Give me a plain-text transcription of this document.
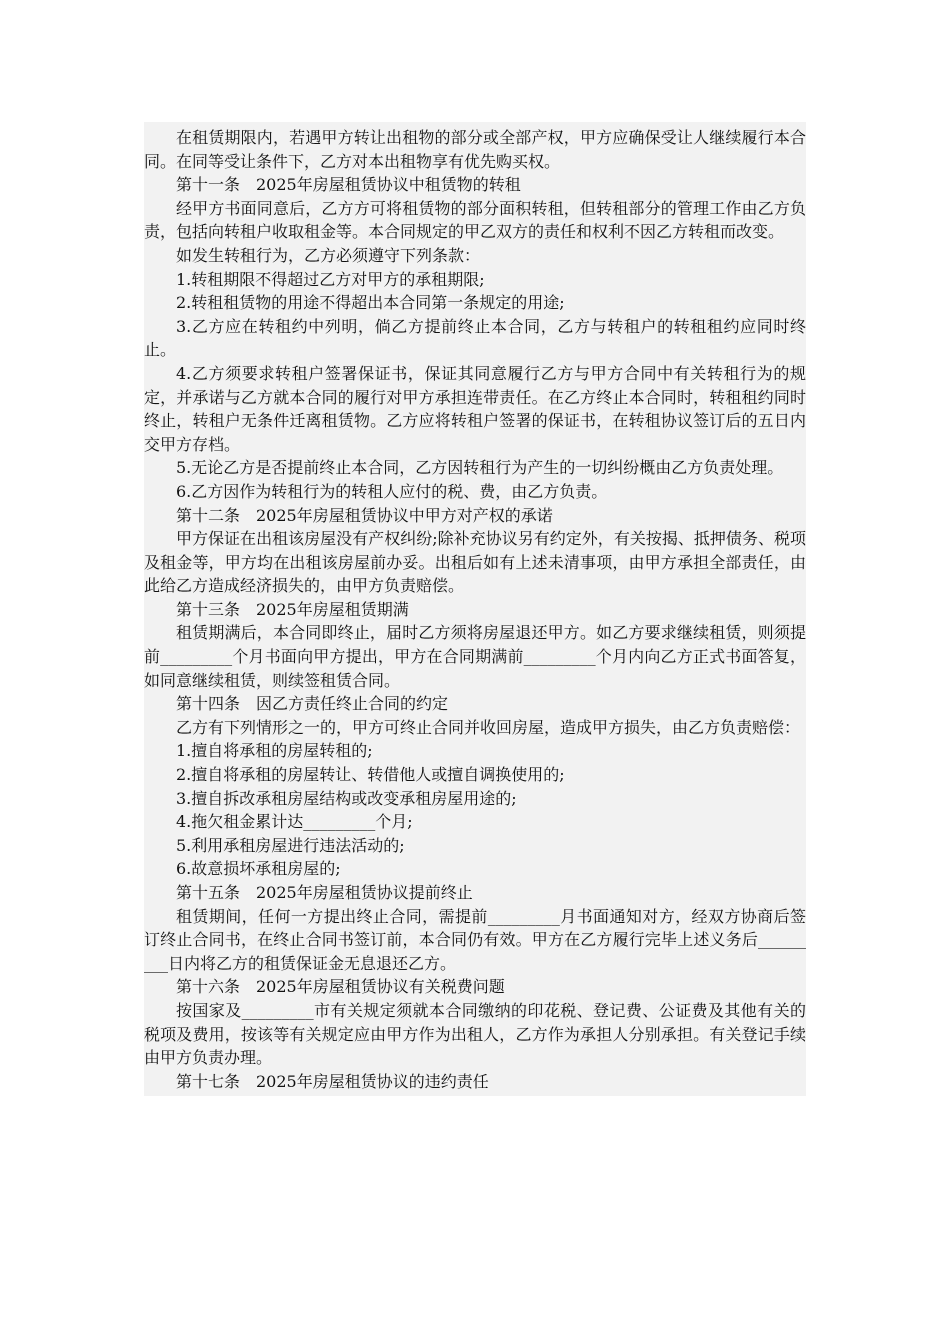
在租赁期限内，若遇甲方转让出租物的部分或全部产权，甲方应确保受让人继续履行本合同。在同等受让条件下，乙方对本出租物享有优先购买权。

第十一条　2025年房屋租赁协议中租赁物的转租

经甲方书面同意后，乙方方可将租赁物的部分面积转租，但转租部分的管理工作由乙方负责，包括向转租户收取租金等。本合同规定的甲乙双方的责任和权利不因乙方转租而改变。

如发生转租行为，乙方必须遵守下列条款：

1.转租期限不得超过乙方对甲方的承租期限;

2.转租租赁物的用途不得超出本合同第一条规定的用途;

3.乙方应在转租约中列明，倘乙方提前终止本合同，乙方与转租户的转租租约应同时终止。

4.乙方须要求转租户签署保证书，保证其同意履行乙方与甲方合同中有关转租行为的规定，并承诺与乙方就本合同的履行对甲方承担连带责任。在乙方终止本合同时，转租租约同时终止，转租户无条件迁离租赁物。乙方应将转租户签署的保证书，在转租协议签订后的五日内交甲方存档。

5.无论乙方是否提前终止本合同，乙方因转租行为产生的一切纠纷概由乙方负责处理。

6.乙方因作为转租行为的转租人应付的税、费，由乙方负责。

第十二条　2025年房屋租赁协议中甲方对产权的承诺

甲方保证在出租该房屋没有产权纠纷;除补充协议另有约定外，有关按揭、抵押债务、税项及租金等，甲方均在出租该房屋前办妥。出租后如有上述未清事项，由甲方承担全部责任，由此给乙方造成经济损失的，由甲方负责赔偿。

第十三条　2025年房屋租赁期满

租赁期满后，本合同即终止，届时乙方须将房屋退还甲方。如乙方要求继续租赁，则须提前_________个月书面向甲方提出，甲方在合同期满前_________个月内向乙方正式书面答复，如同意继续租赁，则续签租赁合同。

第十四条　因乙方责任终止合同的约定

乙方有下列情形之一的，甲方可终止合同并收回房屋，造成甲方损失，由乙方负责赔偿：

1.擅自将承租的房屋转租的;

2.擅自将承租的房屋转让、转借他人或擅自调换使用的;

3.擅自拆改承租房屋结构或改变承租房屋用途的;

4.拖欠租金累计达_________个月;

5.利用承租房屋进行违法活动的;

6.故意损坏承租房屋的;

第十五条　2025年房屋租赁协议提前终止

租赁期间，任何一方提出终止合同，需提前_________月书面通知对方，经双方协商后签订终止合同书，在终止合同书签订前，本合同仍有效。甲方在乙方履行完毕上述义务后_________日内将乙方的租赁保证金无息退还乙方。

第十六条　2025年房屋租赁协议有关税费问题

按国家及_________市有关规定须就本合同缴纳的印花税、登记费、公证费及其他有关的税项及费用，按该等有关规定应由甲方作为出租人，乙方作为承担人分别承担。有关登记手续由甲方负责办理。

第十七条　2025年房屋租赁协议的违约责任
